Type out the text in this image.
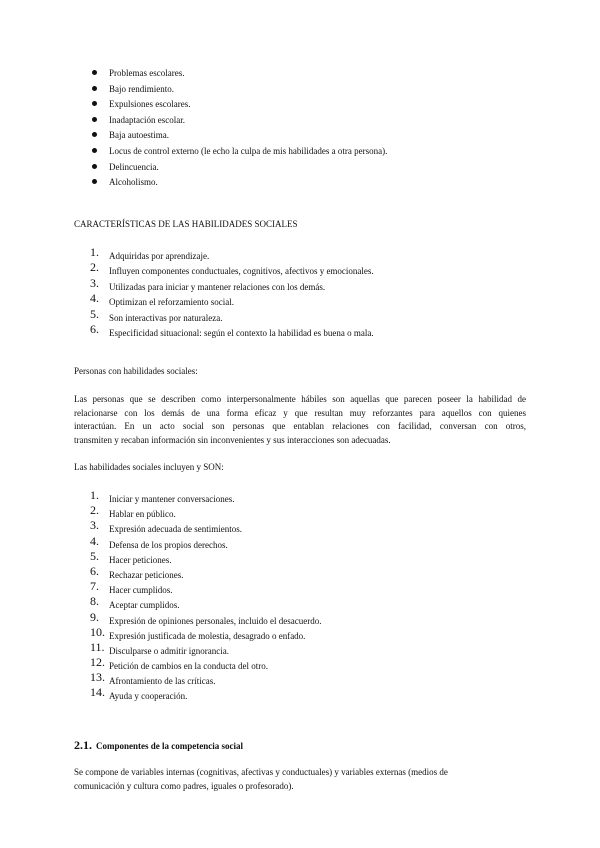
Problemas escolares.
Bajo rendimiento.
Expulsiones escolares.
Inadaptación escolar.
Baja autoestima.
Locus de control externo (le echo la culpa de mis habilidades a otra persona).
Delincuencia.
Alcoholismo.
CARACTERÍSTICAS DE LAS HABILIDADES SOCIALES
1. Adquiridas por aprendizaje.
2. Influyen componentes conductuales, cognitivos, afectivos y emocionales.
3. Utilizadas para iniciar y mantener relaciones con los demás.
4. Optimizan el reforzamiento social.
5. Son interactivas por naturaleza.
6. Especificidad situacional: según el contexto la habilidad es buena o mala.
Personas con habilidades sociales:
Las personas que se describen como interpersonalmente hábiles son aquellas que parecen poseer la habilidad de
relacionarse con los demás de una forma eficaz y que resultan muy reforzantes para aquellos con quienes
interactúan. En un acto social son personas que entablan relaciones con facilidad, conversan con otros,
transmiten y recaban información sin inconvenientes y sus interacciones son adecuadas.
Las habilidades sociales incluyen y SON:
1. Iniciar y mantener conversaciones.
2. Hablar en público.
3. Expresión adecuada de sentimientos.
4. Defensa de los propios derechos.
5. Hacer peticiones.
6. Rechazar peticiones.
7. Hacer cumplidos.
8. Aceptar cumplidos.
9. Expresión de opiniones personales, incluido el desacuerdo.
10. Expresión justificada de molestia, desagrado o enfado.
11. Disculparse o admitir ignorancia.
12. Petición de cambios en la conducta del otro.
13. Afrontamiento de las críticas.
14. Ayuda y cooperación.
2.1. Componentes de la competencia social
Se compone de variables internas (cognitivas, afectivas y conductuales) y variables externas (medios de
comunicación y cultura como padres, iguales o profesorado).
